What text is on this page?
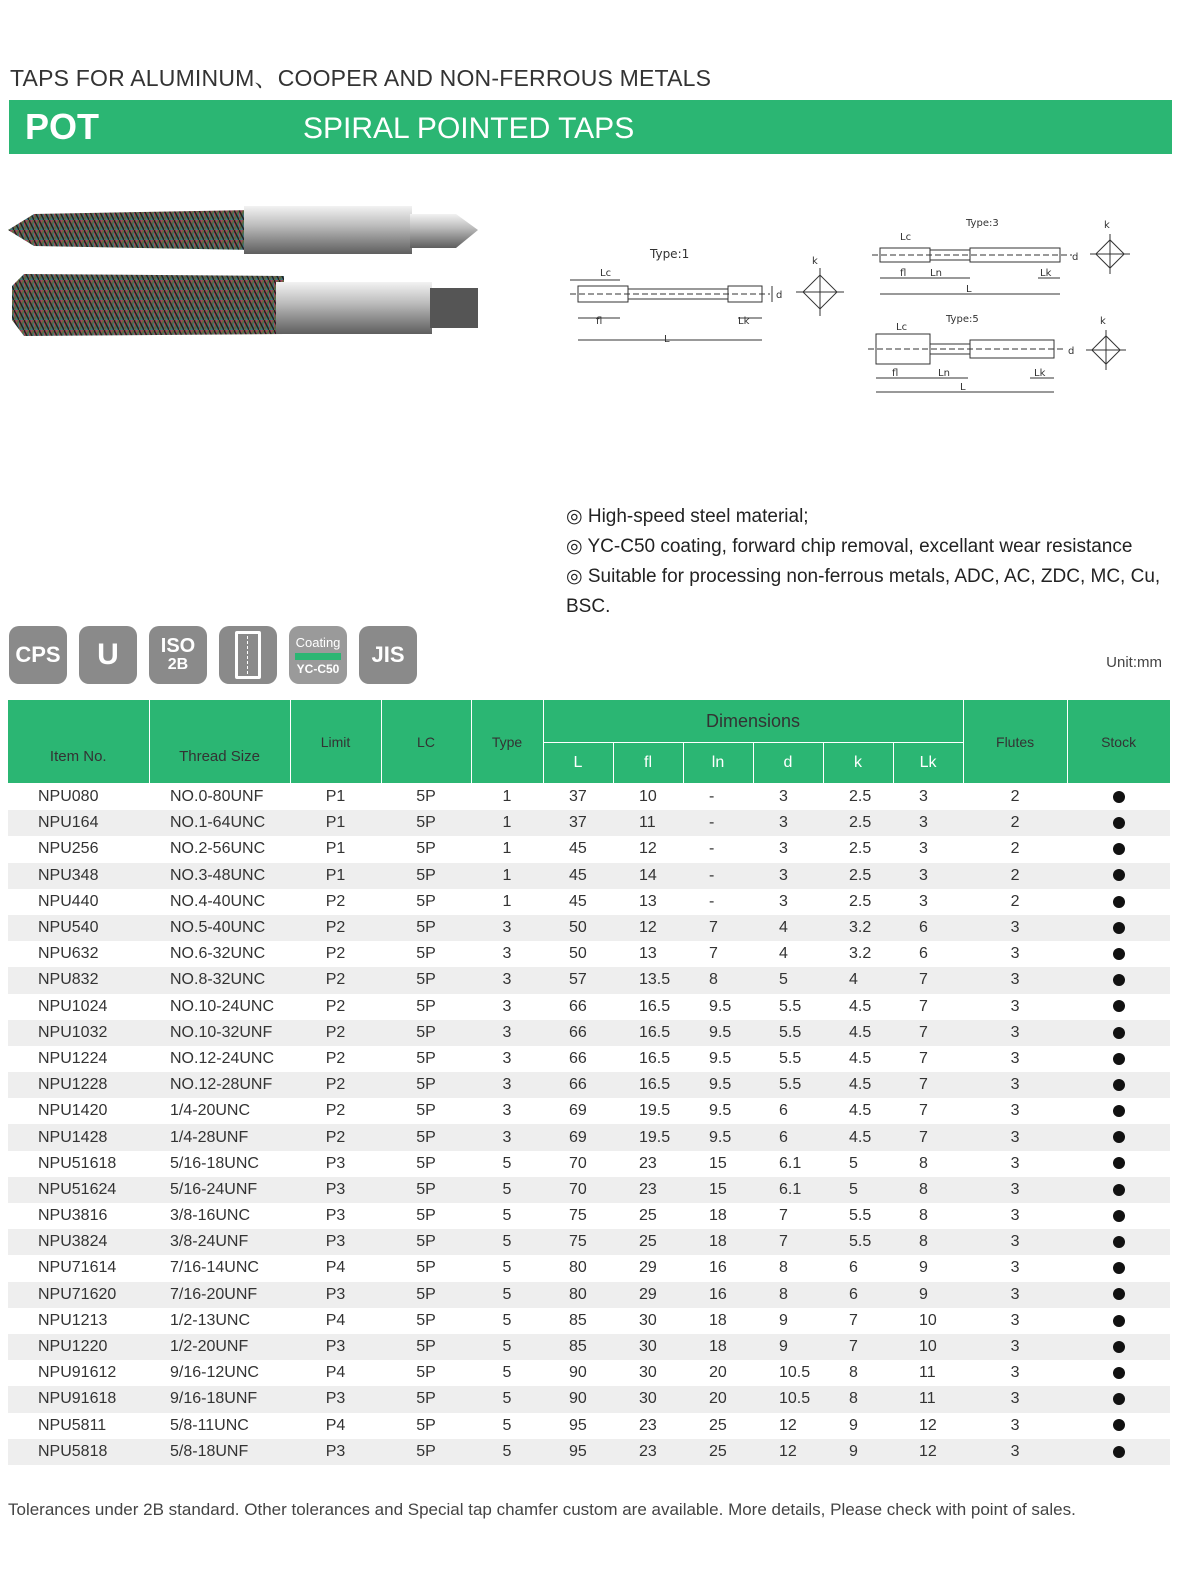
TAPS FOR ALUMINUM、COOPER AND NON-FERROUS METALS
POT	SPIRAL POINTED TAPS
Type:1
Lc
fl
L
Lk
d
k
Type:3
Lc
fl Ln
L
Lk
d
k
Type:5
Lc
fl	Ln
L
Lk
d
k
◎ High-speed steel material;
◎ YC-C50 coating, forward chip removal, excellant wear resistance
◎ Suitable for processing non-ferrous metals, ADC, AC, ZDC, MC, Cu, BSC.
CPS U ISO
2B
Coating
YC-C50
JIS	Unit:mm
Item No.	Thread Size	Limit	LC	Type	Dimensions						Flutes	Stock
					L	fl	ln	d	k	Lk		
NPU080	NO.0-80UNF	P1	5P	1	37	10	-	3	2.5	3	2	
NPU164	NO.1-64UNC	P1	5P	1	37	11	-	3	2.5	3	2	
NPU256	NO.2-56UNC	P1	5P	1	45	12	-	3	2.5	3	2	
NPU348	NO.3-48UNC	P1	5P	1	45	14	-	3	2.5	3	2	
NPU440	NO.4-40UNC	P2	5P	1	45	13	-	3	2.5	3	2	
NPU540	NO.5-40UNC	P2	5P	3	50	12	7	4	3.2	6	3	
NPU632	NO.6-32UNC	P2	5P	3	50	13	7	4	3.2	6	3	
NPU832	NO.8-32UNC	P2	5P	3	57	13.5	8	5	4	7	3	
NPU1024	NO.10-24UNC	P2	5P	3	66	16.5	9.5	5.5	4.5	7	3	
NPU1032	NO.10-32UNF	P2	5P	3	66	16.5	9.5	5.5	4.5	7	3	
NPU1224	NO.12-24UNC	P2	5P	3	66	16.5	9.5	5.5	4.5	7	3	
NPU1228	NO.12-28UNF	P2	5P	3	66	16.5	9.5	5.5	4.5	7	3	
NPU1420	1/4-20UNC	P2	5P	3	69	19.5	9.5	6	4.5	7	3	
NPU1428	1/4-28UNF	P2	5P	3	69	19.5	9.5	6	4.5	7	3	
NPU51618	5/16-18UNC	P3	5P	5	70	23	15	6.1	5	8	3	
NPU51624	5/16-24UNF	P3	5P	5	70	23	15	6.1	5	8	3	
NPU3816	3/8-16UNC	P3	5P	5	75	25	18	7	5.5	8	3	
NPU3824	3/8-24UNF	P3	5P	5	75	25	18	7	5.5	8	3	
NPU71614	7/16-14UNC	P4	5P	5	80	29	16	8	6	9	3	
NPU71620	7/16-20UNF	P3	5P	5	80	29	16	8	6	9	3	
NPU1213	1/2-13UNC	P4	5P	5	85	30	18	9	7	10	3	
NPU1220	1/2-20UNF	P3	5P	5	85	30	18	9	7	10	3	
NPU91612	9/16-12UNC	P4	5P	5	90	30	20	10.5	8	11	3	
NPU91618	9/16-18UNF	P3	5P	5	90	30	20	10.5	8	11	3	
NPU5811	5/8-11UNC	P4	5P	5	95	23	25	12	9	12	3	
NPU5818	5/8-18UNF	P3	5P	5	95	23	25	12	9	12	3	
Tolerances under 2B standard. Other tolerances and Special tap chamfer custom are available. More details, Please check with point of sales.
